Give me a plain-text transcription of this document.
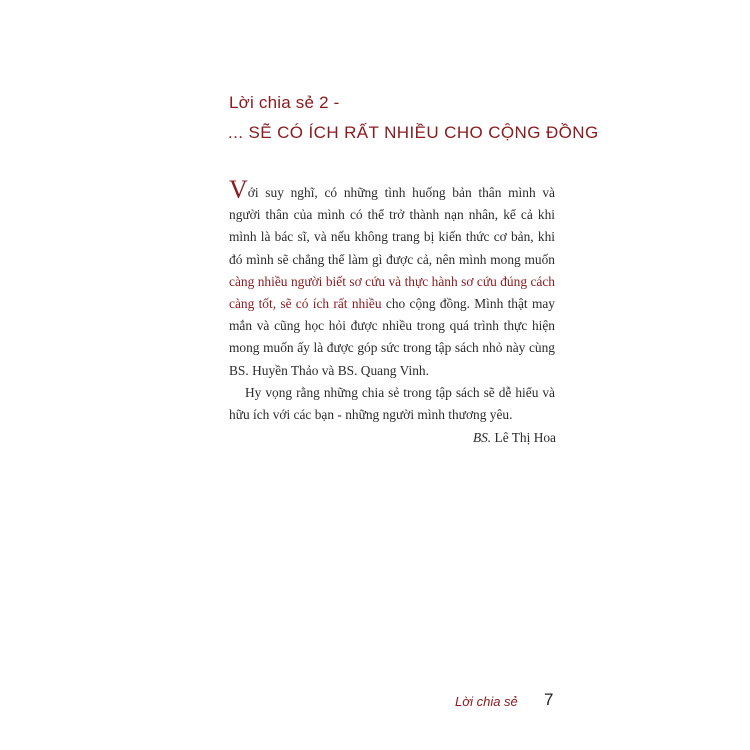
Lời chia sẻ 2 -
... SẼ CÓ ÍCH RẤT NHIỀU CHO CỘNG ĐỒNG

Với suy nghĩ, có những tình huống bản thân mình và người thân của mình có thể trở thành nạn nhân, kể cả khi mình là bác sĩ, và nếu không trang bị kiến thức cơ bản, khi đó mình sẽ chẳng thể làm gì được cả, nên mình mong muốn càng nhiều người biết sơ cứu và thực hành sơ cứu đúng cách càng tốt, sẽ có ích rất nhiều cho cộng đồng. Mình thật may mắn và cũng học hỏi được nhiều trong quá trình thực hiện mong muốn ấy là được góp sức trong tập sách nhỏ này cùng BS. Huyền Thảo và BS. Quang Vinh.

Hy vọng rằng những chia sẻ trong tập sách sẽ dễ hiểu và hữu ích với các bạn - những người mình thương yêu.

BS. Lê Thị Hoa
Lời chia sẻ 7
